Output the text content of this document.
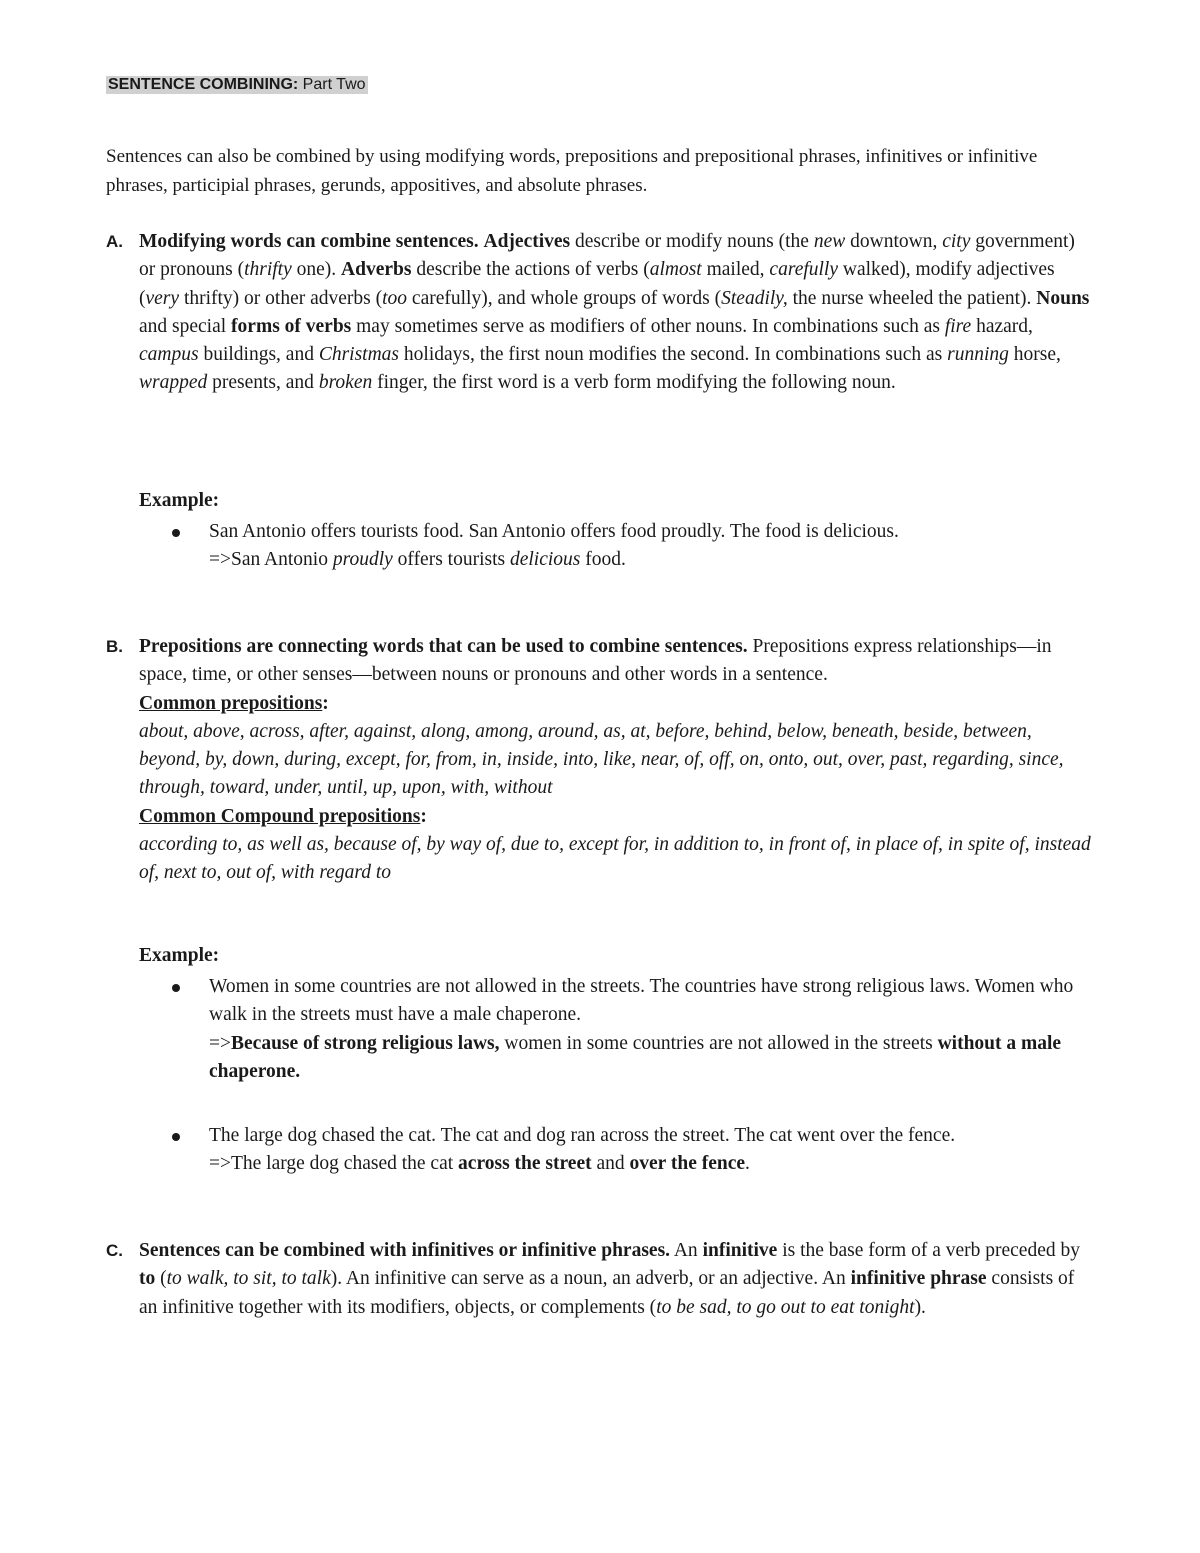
SENTENCE COMBINING: Part Two
Sentences can also be combined by using modifying words, prepositions and prepositional phrases, infinitives or infinitive phrases, participial phrases, gerunds, appositives, and absolute phrases.
A. Modifying words can combine sentences. Adjectives describe or modify nouns (the new downtown, city government) or pronouns (thrifty one). Adverbs describe the actions of verbs (almost mailed, carefully walked), modify adjectives (very thrifty) or other adverbs (too carefully), and whole groups of words (Steadily, the nurse wheeled the patient). Nouns and special forms of verbs may sometimes serve as modifiers of other nouns. In combinations such as fire hazard, campus buildings, and Christmas holidays, the first noun modifies the second. In combinations such as running horse, wrapped presents, and broken finger, the first word is a verb form modifying the following noun.
Example:
San Antonio offers tourists food. San Antonio offers food proudly. The food is delicious.
=>San Antonio proudly offers tourists delicious food.
B. Prepositions are connecting words that can be used to combine sentences. Prepositions express relationships—in space, time, or other senses—between nouns or pronouns and other words in a sentence.
Common prepositions:
about, above, across, after, against, along, among, around, as, at, before, behind, below, beneath, beside, between, beyond, by, down, during, except, for, from, in, inside, into, like, near, of, off, on, onto, out, over, past, regarding, since, through, toward, under, until, up, upon, with, without
Common Compound prepositions:
according to, as well as, because of, by way of, due to, except for, in addition to, in front of, in place of, in spite of, instead of, next to, out of, with regard to
Example:
Women in some countries are not allowed in the streets. The countries have strong religious laws. Women who walk in the streets must have a male chaperone.
=>Because of strong religious laws, women in some countries are not allowed in the streets without a male chaperone.
The large dog chased the cat. The cat and dog ran across the street. The cat went over the fence.
=>The large dog chased the cat across the street and over the fence.
C. Sentences can be combined with infinitives or infinitive phrases. An infinitive is the base form of a verb preceded by to (to walk, to sit, to talk). An infinitive can serve as a noun, an adverb, or an adjective. An infinitive phrase consists of an infinitive together with its modifiers, objects, or complements (to be sad, to go out to eat tonight).
